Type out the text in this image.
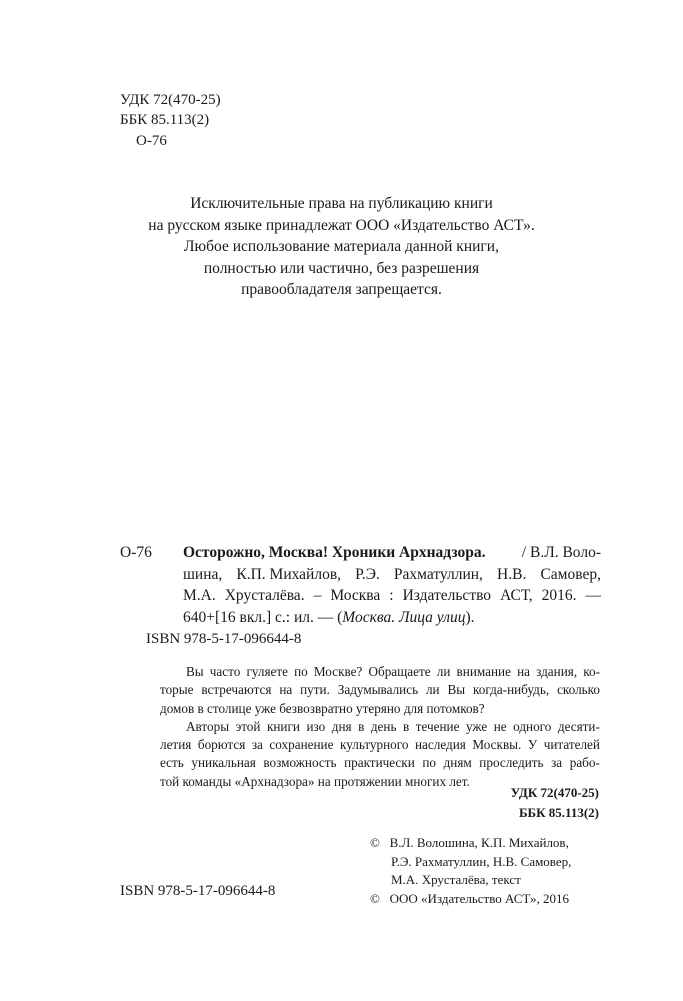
УДК 72(470-25)
ББК 85.113(2)
О-76
Исключительные права на публикацию книги
на русском языке принадлежат ООО «Издательство АСТ».
Любое использование материала данной книги,
полностью или частично, без разрешения
правообладателя запрещается.
О-76 Осторожно, Москва! Хроники Архнадзора. / В.Л. Воло-
шина, К.П. Михайлов, Р.Э. Рахматуллин, Н.В. Самовер,
М.А. Хрусталёва. – Москва : Издательство АСТ, 2016. —
640+[16 вкл.] с.: ил. — (Москва. Лица улиц).
ISBN 978-5-17-096644-8
Вы часто гуляете по Москве? Обращаете ли внимание на здания, ко-
торые встречаются на пути. Задумывались ли Вы когда-нибудь, сколько
домов в столице уже безвозвратно утеряно для потомков?
Авторы этой книги изо дня в день в течение уже не одного десяти-
летия борются за сохранение культурного наследия Москвы. У читателей
есть уникальная возможность практически по дням проследить за рабо-
той команды «Архнадзора» на протяжении многих лет.
УДК 72(470-25)
ББК 85.113(2)
ISBN 978-5-17-096644-8
© В.Л. Волошина, К.П. Михайлов,
Р.Э. Рахматуллин, Н.В. Самовер,
М.А. Хрусталёва, текст
© ООО «Издательство АСТ», 2016
